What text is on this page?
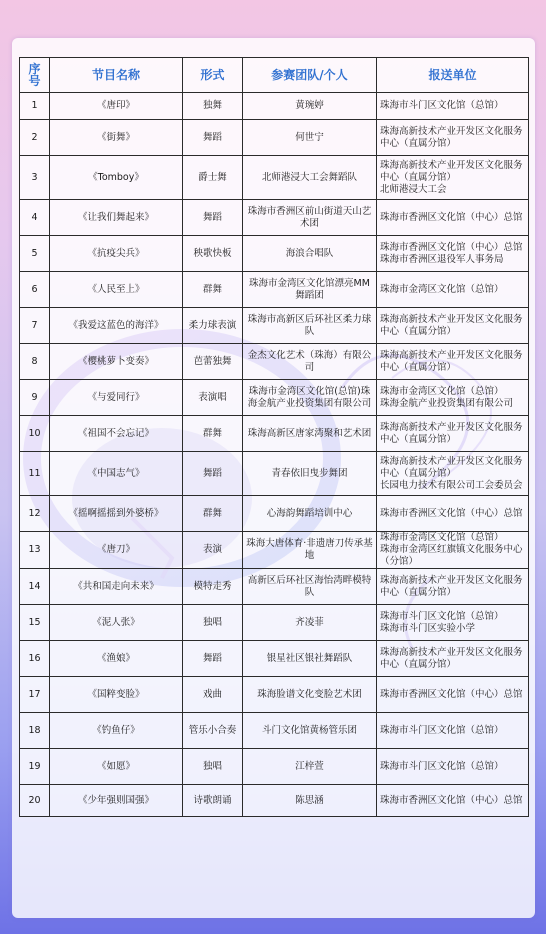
序号	节目名称	形式	参赛团队/个人	报送单位
1	《唐印》	独舞	黄琬婷	珠海市斗门区文化馆（总馆）

2	《街舞》	舞蹈	何世宁	珠海高新技术产业开发区文化服务中心（直属分馆）

3	《Tomboy》	爵士舞	北师港浸大工会舞蹈队	珠海高新技术产业开发区文化服务中心（直属分馆）
北师港浸大工会

4	《让我们舞起来》	舞蹈	珠海市香洲区前山街道天山艺术团	珠海市香洲区文化馆（中心）总馆

5	《抗疫尖兵》	秧歌快板	海浪合唱队	珠海市香洲区文化馆（中心）总馆
珠海市香洲区退役军人事务局

6	《人民至上》	群舞	珠海市金湾区文化馆漂亮MM舞蹈团	珠海市金湾区文化馆（总馆）

7	《我爱这蓝色的海洋》	柔力球表演	珠海市高新区后环社区柔力球队	珠海高新技术产业开发区文化服务中心（直属分馆）

8	《樱桃萝卜变奏》	芭蕾独舞	金杰文化艺术（珠海）有限公司	珠海高新技术产业开发区文化服务中心（直属分馆）

9	《与爱同行》	表演唱	珠海市金湾区文化馆(总馆)珠海金航产业投资集团有限公司	珠海市金湾区文化馆（总馆）
珠海金航产业投资集团有限公司

10	《祖国不会忘记》	群舞	珠海高新区唐家湾聚和艺术团	珠海高新技术产业开发区文化服务中心（直属分馆）

11	《中国志气》	舞蹈	青春依旧曳步舞团	珠海高新技术产业开发区文化服务中心（直属分馆）
长园电力技术有限公司工会委员会

12	《摇啊摇摇到外婆桥》	群舞	心海韵舞蹈培训中心	珠海市香洲区文化馆（中心）总馆

13	《唐刀》	表演	珠海大唐体育·非遗唐刀传承基地	珠海市金湾区文化馆（总馆）
珠海市金湾区红旗镇文化服务中心（分馆）

14	《共和国走向未来》	模特走秀	高新区后环社区海怡湾畔模特队	珠海高新技术产业开发区文化服务中心（直属分馆）

15	《泥人张》	独唱	齐凌菲	珠海市斗门区文化馆（总馆）
珠海市斗门区实验小学

16	《渔娘》	舞蹈	银星社区银社舞蹈队	珠海高新技术产业开发区文化服务中心（直属分馆）

17	《国粹变脸》	戏曲	珠海脸谱文化变脸艺术团	珠海市香洲区文化馆（中心）总馆

18	《钓鱼仔》	管乐小合奏	斗门文化馆黄杨管乐团	珠海市斗门区文化馆（总馆）

19	《如愿》	独唱	江梓萱	珠海市斗门区文化馆（总馆）

20	《少年强则国强》	诗歌朗诵	陈思涵	珠海市香洲区文化馆（中心）总馆
